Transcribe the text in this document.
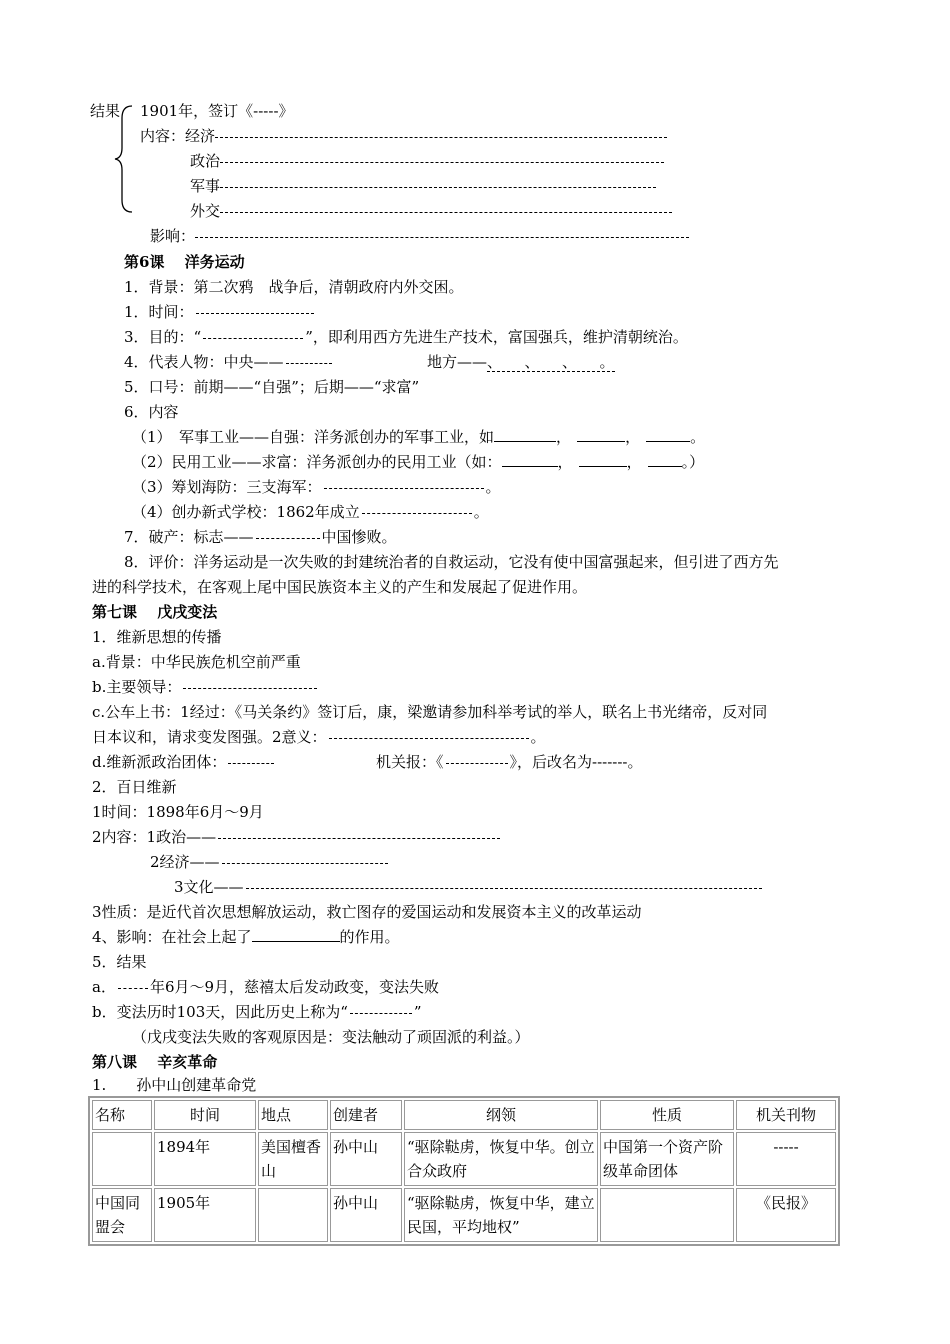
结果 1901年，签订《-----》
内容：经济
政治
军事
外交
影响：
第6课　 洋务运动
1．背景：第二次鸦　战争后，清朝政府内外交困。
1．时间：
3．目的：“	”，即利用西方先进生产技术，富国强兵，维护清朝统治。
4．代表人物：中央——	地方——、　　、　　、　　。
5．口号：前期——“自强”；后期——“求富”
6．内容
（1）　军事工业——自强：洋务派创办的军事工业，如	，	，	。
（2）民用工业——求富：洋务派创办的民用工业（如：	，	，	。）
（3）筹划海防：三支海军：	。
（4）创办新式学校：1862年成立	。
7．破产：标志——	中国惨败。
8．评价：洋务运动是一次失败的封建统治者的自救运动，它没有使中国富强起来，但引进了西方先
进的科学技术，在客观上尾中国民族资本主义的产生和发展起了促进作用。
第七课　 戊戌变法
1．维新思想的传播
a.背景：中华民族危机空前严重
b.主要领导：
c.公车上书：1经过：《马关条约》签订后，康，梁邀请参加科举考试的举人，联名上书光绪帝，反对同
日本议和，请求变发图强。2意义：	。
d.维新派政治团体：	机关报：《	》，后改名为-------。
2．百日维新
1时间：1898年6月～9月
2内容：1政治——
2经济——
3文化——
3性质：是近代首次思想解放运动，救亡图存的爱国运动和发展资本主义的改革运动
4、影响：在社会上起了	的作用。
5．结果
a． 年6月～9月，慈禧太后发动政变，变法失败
b．变法历时103天，因此历史上称为“	”
（戊戌变法失败的客观原因是：变法触动了顽固派的利益。）
第八课　 辛亥革命
1.　　孙中山创建革命党
名称	时间	地点	创建者	纲领	性质	机关刊物
	1894年	美国檀香山	孙中山	“驱除鞑虏，恢复中华。创立合众政府	中国第一个资产阶级革命团体	-----
中国同盟会	1905年		孙中山	“驱除鞑虏，恢复中华，建立民国，平均地权”		《民报》
